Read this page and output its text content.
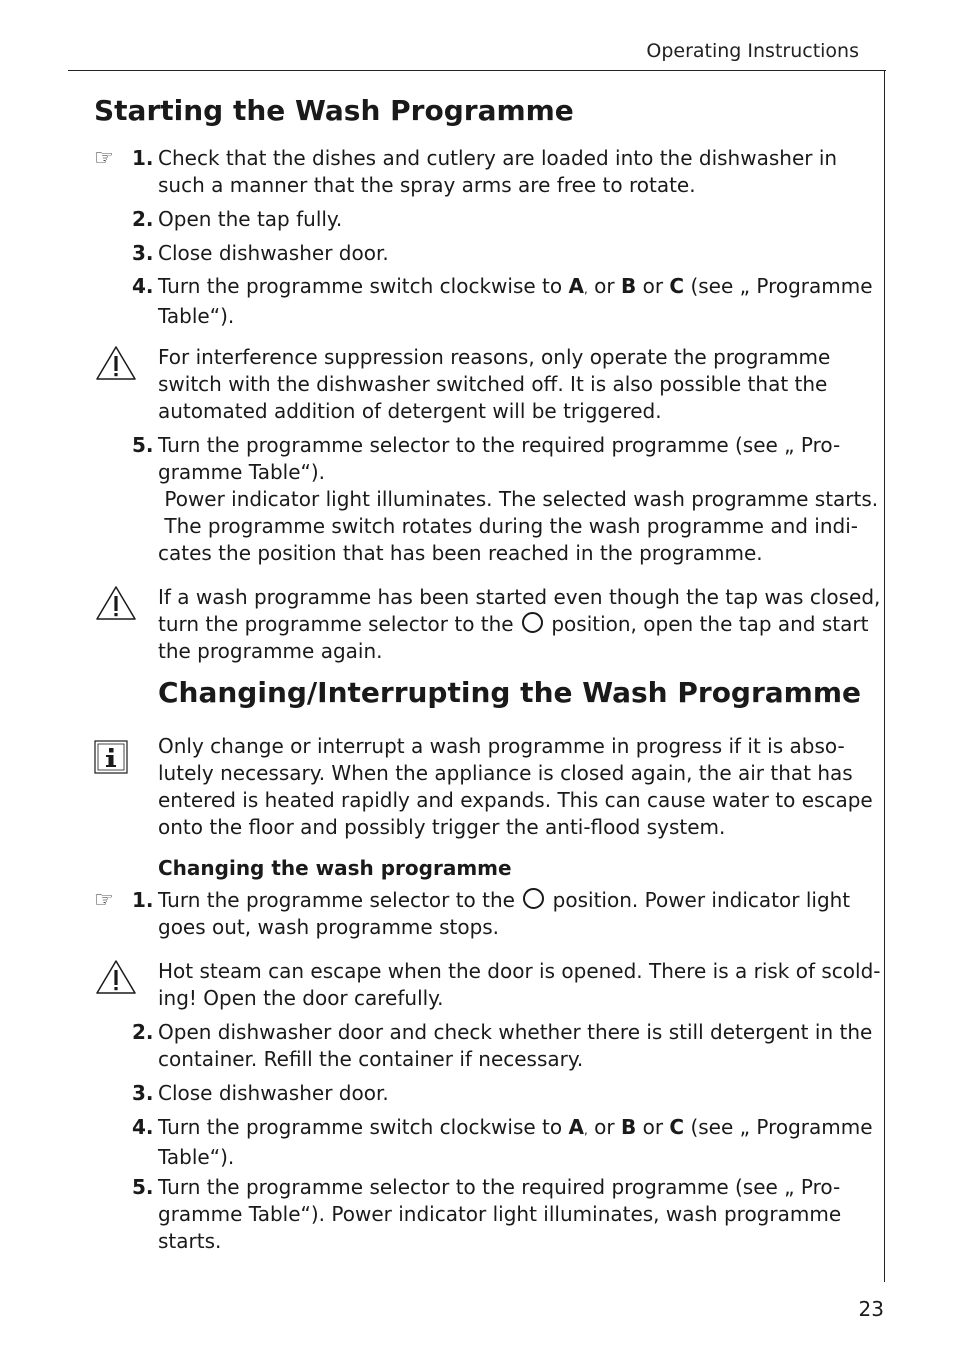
Operating Instructions
Starting the Wash Programme
☞ 1. Check that the dishes and cutlery are loaded into the dishwasher in
such a manner that the spray arms are free to rotate.
2. Open the tap fully.
3. Close dishwasher door.
4. Turn the programme switch clockwise to A, or B or C (see „ Programme
Table“).
For interference suppression reasons, only operate the programme
switch with the dishwasher switched off. It is also possible that the
automated addition of detergent will be triggered.
5. Turn the programme selector to the required programme (see „ Pro-
gramme Table“).
Power indicator light illuminates. The selected wash programme starts.
The programme switch rotates during the wash programme and indi-
cates the position that has been reached in the programme.
If a wash programme has been started even though the tap was closed,
turn the programme selector to the  position, open the tap and start
the programme again.
Changing/Interrupting the Wash Programme
Only change or interrupt a wash programme in progress if it is abso-
lutely necessary. When the appliance is closed again, the air that has
entered is heated rapidly and expands. This can cause water to escape
onto the floor and possibly trigger the anti-flood system.
Changing the wash programme
☞ 1. Turn the programme selector to the  position. Power indicator light
goes out, wash programme stops.
Hot steam can escape when the door is opened. There is a risk of scold-
ing! Open the door carefully.
2. Open dishwasher door and check whether there is still detergent in the
container. Refill the container if necessary.
3. Close dishwasher door.
4. Turn the programme switch clockwise to A, or B or C (see „ Programme
Table“).
5. Turn the programme selector to the required programme (see „ Pro-
gramme Table“). Power indicator light illuminates, wash programme
starts.
23
